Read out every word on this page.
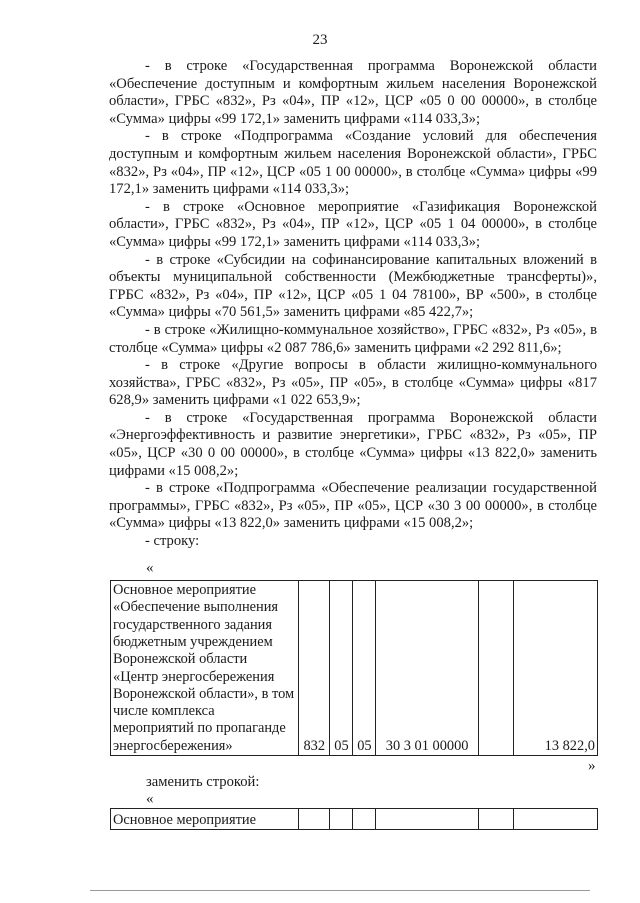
23

- в строке «Государственная программа Воронежской области «Обеспечение доступным и комфортным жильем населения Воронежской области», ГРБС «832», Рз «04», ПР «12», ЦСР «05 0 00 00000», в столбце «Сумма» цифры «99 172,1» заменить цифрами «114 033,3»;

- в строке «Подпрограмма «Создание условий для обеспечения доступным и комфортным жильем населения Воронежской области», ГРБС «832», Рз «04», ПР «12», ЦСР «05 1 00 00000», в столбце «Сумма» цифры «99 172,1» заменить цифрами «114 033,3»;

- в строке «Основное мероприятие «Газификация Воронежской области», ГРБС «832», Рз «04», ПР «12», ЦСР «05 1 04 00000», в столбце «Сумма» цифры «99 172,1» заменить цифрами «114 033,3»;

- в строке «Субсидии на софинансирование капитальных вложений в объекты муниципальной собственности (Межбюджетные трансферты)», ГРБС «832», Рз «04», ПР «12», ЦСР «05 1 04 78100», ВР «500», в столбце «Сумма» цифры «70 561,5» заменить цифрами «85 422,7»;

- в строке «Жилищно-коммунальное хозяйство», ГРБС «832», Рз «05», в столбце «Сумма» цифры «2 087 786,6» заменить цифрами «2 292 811,6»;

- в строке «Другие вопросы в области жилищно-коммунального хозяйства», ГРБС «832», Рз «05», ПР «05», в столбце «Сумма» цифры «817 628,9» заменить цифрами «1 022 653,9»;

- в строке «Государственная программа Воронежской области «Энергоэффективность и развитие энергетики», ГРБС «832», Рз «05», ПР «05», ЦСР «30 0 00 00000», в столбце «Сумма» цифры «13 822,0» заменить цифрами «15 008,2»;

- в строке «Подпрограмма «Обеспечение реализации государственной программы», ГРБС «832», Рз «05», ПР «05», ЦСР «30 3 00 00000», в столбце «Сумма» цифры «13 822,0» заменить цифрами «15 008,2»;

- строку:

«
Основное мероприятие «Обеспечение выполнения государственного задания бюджетным учреждением Воронежской области «Центр энергосбережения Воронежской области», в том числе комплекса мероприятий по пропаганде энергосбережения»	832	05	05	30 3 01 00000		13 822,0
»
заменить строкой:
«
Основное мероприятие						
